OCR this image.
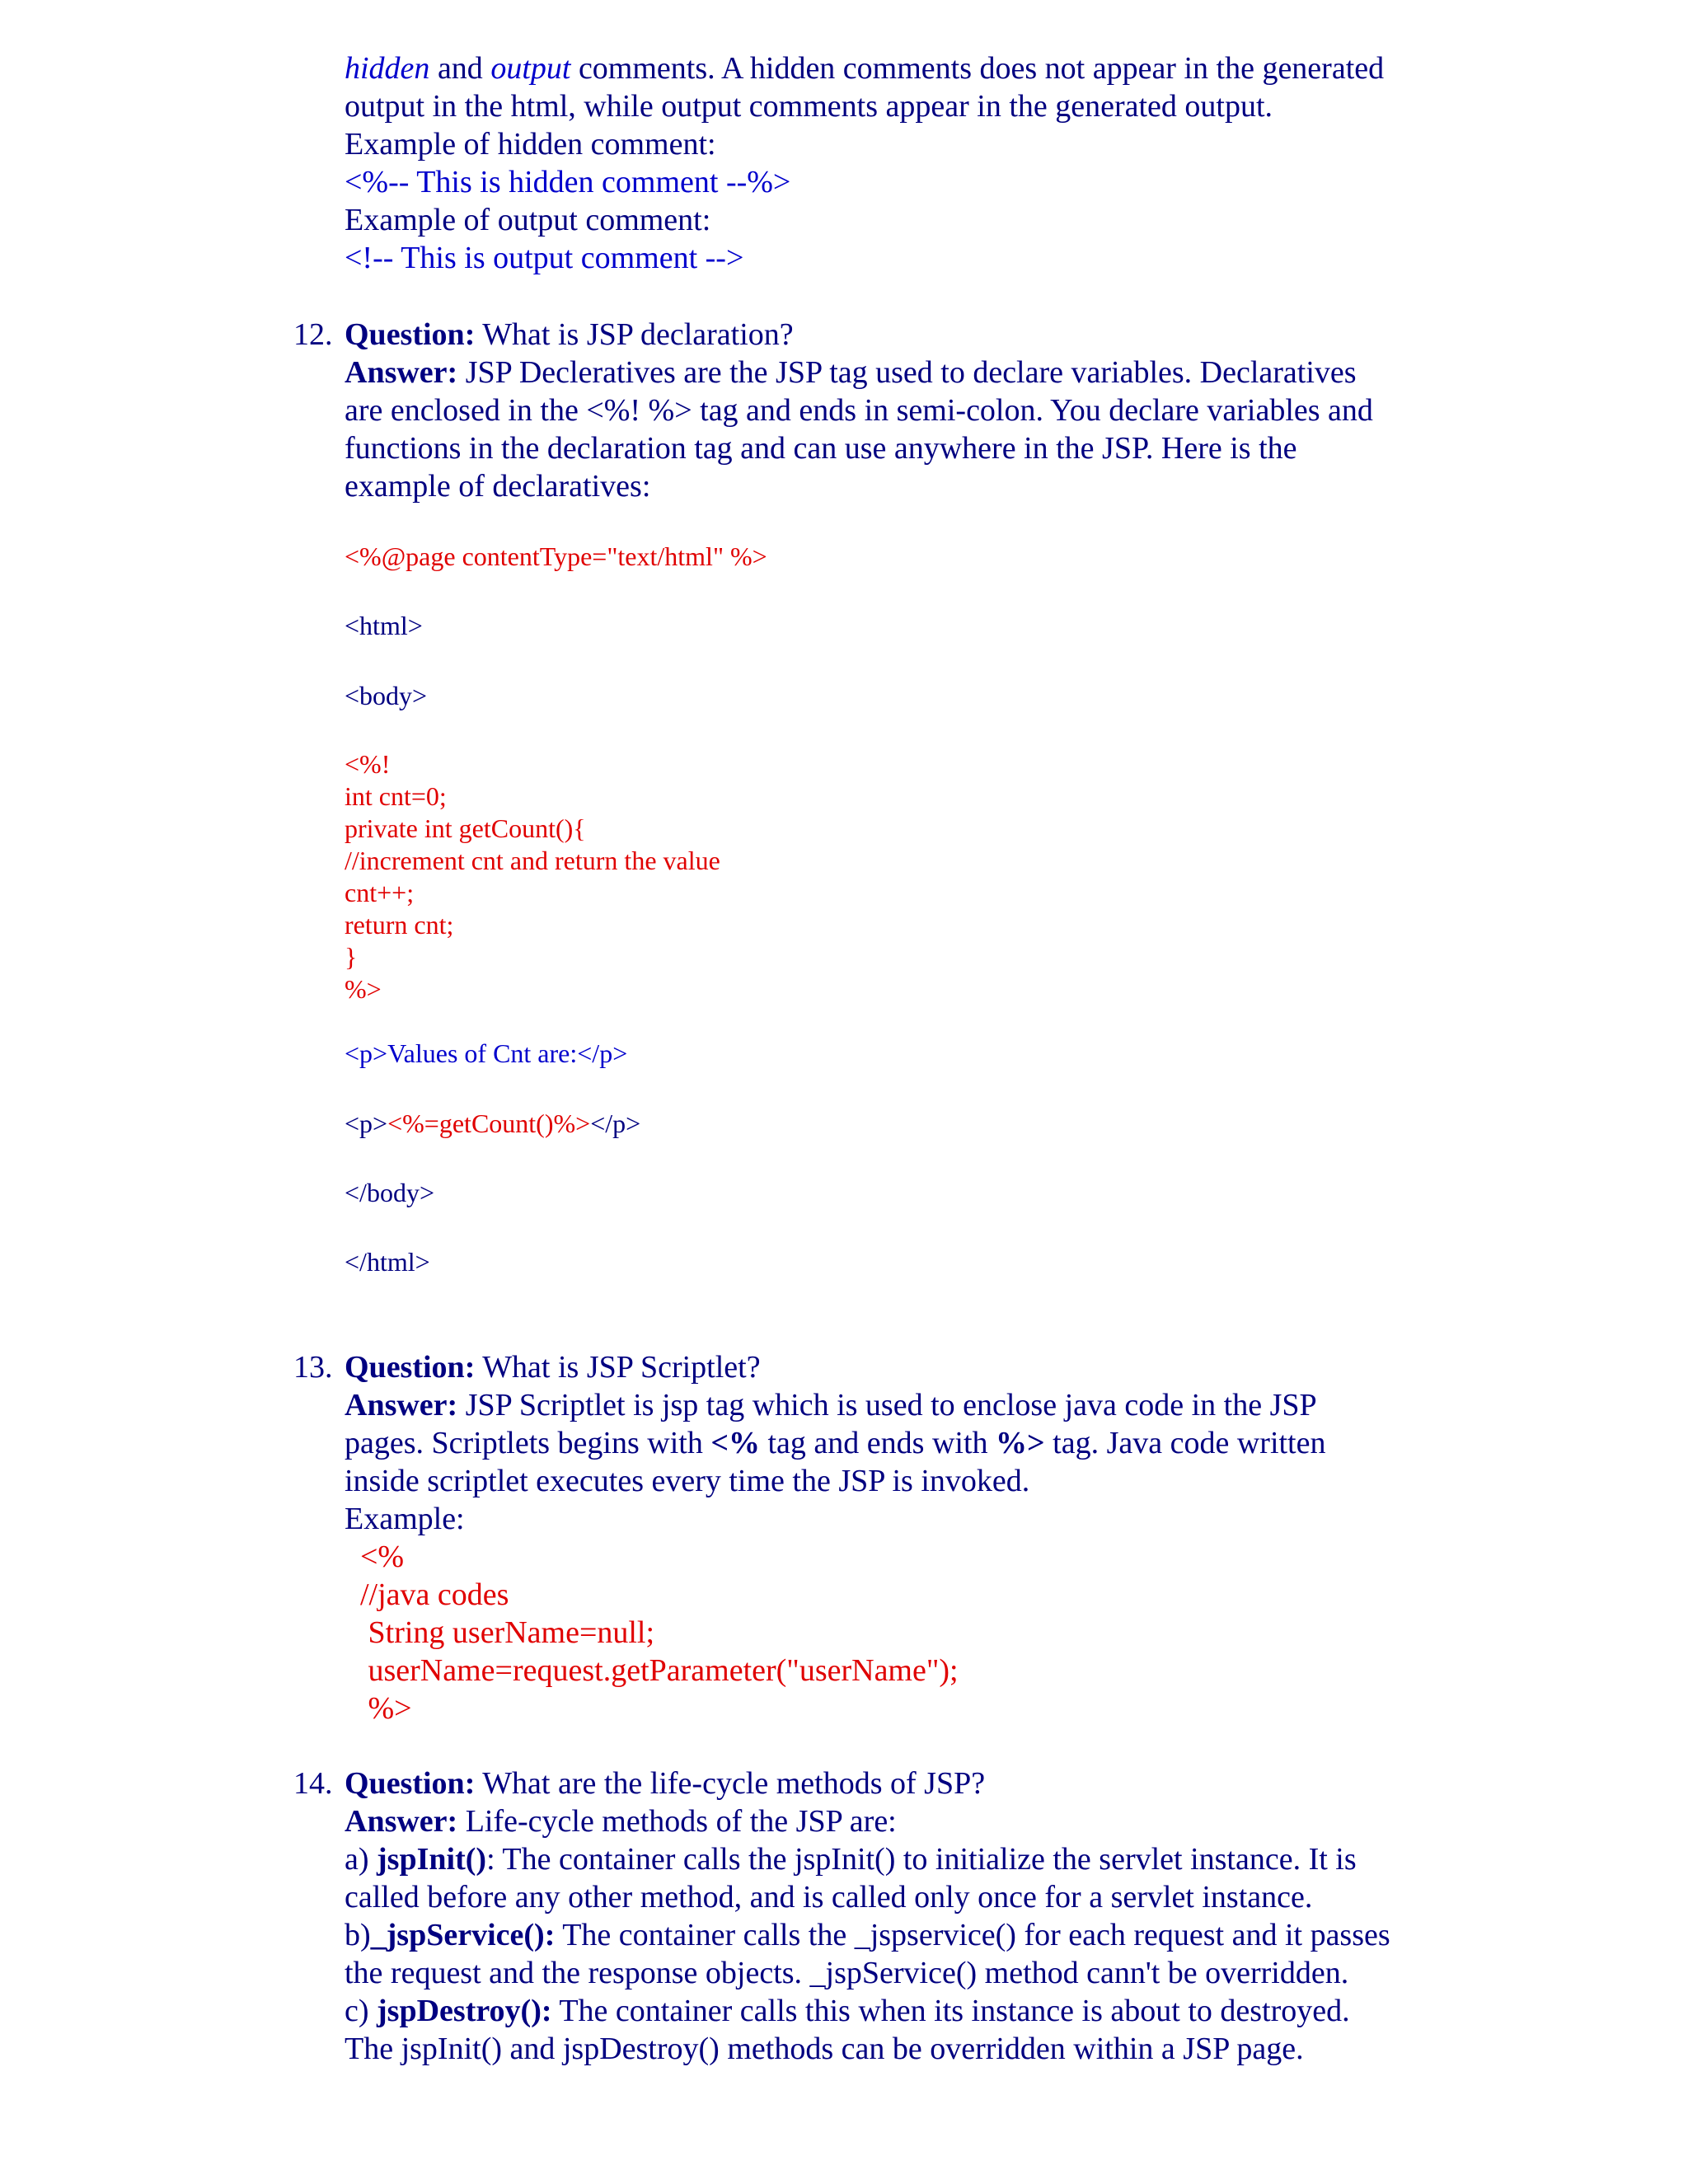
hidden and output comments. A hidden comments does not appear in the generated
output in the html, while output comments appear in the generated output.
Example of hidden comment:
<%-- This is hidden comment --%>
Example of output comment:
<!-- This is output comment -->
12. Question: What is JSP declaration?
Answer: JSP Decleratives are the JSP tag used to declare variables. Declaratives
are enclosed in the <%! %> tag and ends in semi-colon. You declare variables and
functions in the declaration tag and can use anywhere in the JSP. Here is the
example of declaratives:
<%@page contentType="text/html" %>
<html>
<body>
<%!
int cnt=0;
private int getCount(){
//increment cnt and return the value
cnt++;
return cnt;
}
%>
<p>Values of Cnt are:</p>
<p><%=getCount()%></p>
</body>
</html>
13. Question: What is JSP Scriptlet?
Answer: JSP Scriptlet is jsp tag which is used to enclose java code in the JSP
pages. Scriptlets begins with <% tag and ends with %> tag. Java code written
inside scriptlet executes every time the JSP is invoked.
Example:
<%
//java codes
String userName=null;
userName=request.getParameter("userName");
%>
14. Question: What are the life-cycle methods of JSP?
Answer: Life-cycle methods of the JSP are:
a) jspInit(): The container calls the jspInit() to initialize the servlet instance. It is
called before any other method, and is called only once for a servlet instance.
b)_jspService(): The container calls the _jspservice() for each request and it passes
the request and the response objects. _jspService() method cann't be overridden.
c) jspDestroy(): The container calls this when its instance is about to destroyed.
The jspInit() and jspDestroy() methods can be overridden within a JSP page.
